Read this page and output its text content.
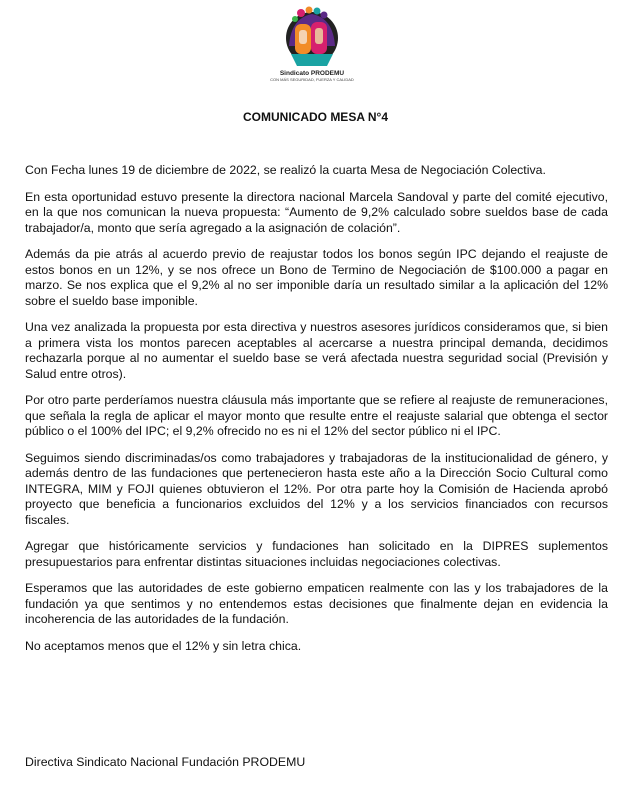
Sindicato PRODEMU
CON MÁS SEGURIDAD, FUERZA Y CALIDAD
COMUNICADO MESA N°4

Con Fecha lunes 19 de diciembre de 2022, se realizó la cuarta Mesa de Negociación Colectiva.

En esta oportunidad estuvo presente la directora nacional Marcela Sandoval y parte del comité ejecutivo, en la que nos comunican la nueva propuesta: “Aumento de 9,2% calculado sobre sueldos base de cada trabajador/a, monto que sería agregado a la asignación de colación”.

Además da pie atrás al acuerdo previo de reajustar todos los bonos según IPC dejando el reajuste de estos bonos en un 12%, y se nos ofrece un Bono de Termino de Negociación de $100.000 a pagar en marzo. Se nos explica que el 9,2% al no ser imponible daría un resultado similar a la aplicación del 12% sobre el sueldo base imponible.

Una vez analizada la propuesta por esta directiva y nuestros asesores jurídicos consideramos que, si bien a primera vista los montos parecen aceptables al acercarse a nuestra principal demanda, decidimos rechazarla porque al no aumentar el sueldo base se verá afectada nuestra seguridad social (Previsión y Salud entre otros).

Por otro parte perderíamos nuestra cláusula más importante que se refiere al reajuste de remuneraciones, que señala la regla de aplicar el mayor monto que resulte entre el reajuste salarial que obtenga el sector público o el 100% del IPC; el 9,2% ofrecido no es ni el 12% del sector público ni el IPC.

Seguimos siendo discriminadas/os como trabajadores y trabajadoras de la institucionalidad de género, y además dentro de las fundaciones que pertenecieron hasta este año a la Dirección Socio Cultural como INTEGRA, MIM y FOJI quienes obtuvieron el 12%. Por otra parte hoy la Comisión de Hacienda aprobó proyecto que beneficia a funcionarios excluidos del 12% y a los servicios financiados con recursos fiscales.

Agregar que históricamente servicios y fundaciones han solicitado en la DIPRES suplementos presupuestarios para enfrentar distintas situaciones incluidas negociaciones colectivas.

Esperamos que las autoridades de este gobierno empaticen realmente con las y los trabajadores de la fundación ya que sentimos y no entendemos estas decisiones que finalmente dejan en evidencia la incoherencia de las autoridades de la fundación.

No aceptamos menos que el 12% y sin letra chica.

Directiva Sindicato Nacional Fundación PRODEMU
